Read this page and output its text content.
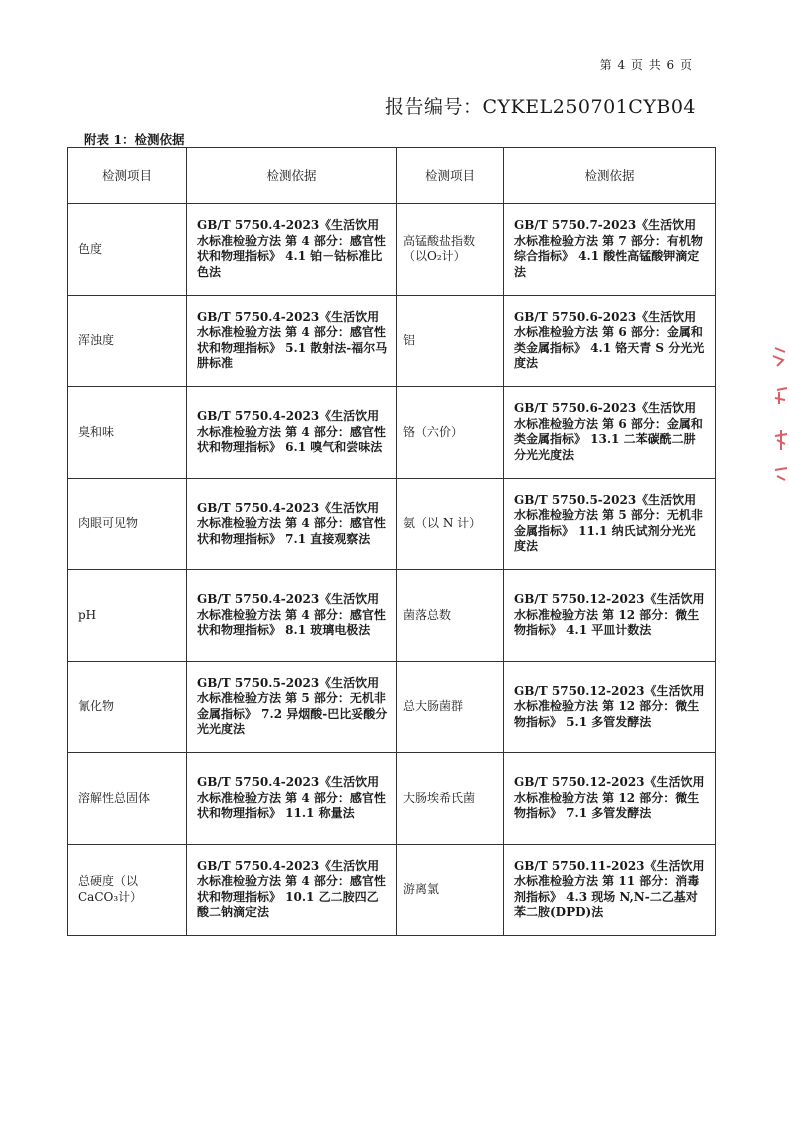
第 4 页 共 6 页
报告编号：CYKEL250701CYB04
附表 1：检测依据
检测项目	检测依据	检测项目	检测依据
色度	GB/T 5750.4-2023《生活饮用水标准检验方法 第 4 部分：感官性状和物理指标》 4.1 铂－钴标准比色法	高锰酸盐指数（以O₂计）	GB/T 5750.7-2023《生活饮用水标准检验方法 第 7 部分：有机物综合指标》 4.1 酸性高锰酸钾滴定法
浑浊度	GB/T 5750.4-2023《生活饮用水标准检验方法 第 4 部分：感官性状和物理指标》 5.1 散射法-福尔马肼标准	铝	GB/T 5750.6-2023《生活饮用水标准检验方法 第 6 部分：金属和类金属指标》 4.1 铬天青 S 分光光度法
臭和味	GB/T 5750.4-2023《生活饮用水标准检验方法 第 4 部分：感官性状和物理指标》 6.1 嗅气和尝味法	铬（六价）	GB/T 5750.6-2023《生活饮用水标准检验方法 第 6 部分：金属和类金属指标》 13.1 二苯碳酰二肼分光光度法
肉眼可见物	GB/T 5750.4-2023《生活饮用水标准检验方法 第 4 部分：感官性状和物理指标》 7.1 直接观察法	氨（以 N 计）	GB/T 5750.5-2023《生活饮用水标准检验方法 第 5 部分：无机非金属指标》 11.1 纳氏试剂分光光度法
pH	GB/T 5750.4-2023《生活饮用水标准检验方法 第 4 部分：感官性状和物理指标》 8.1 玻璃电极法	菌落总数	GB/T 5750.12-2023《生活饮用水标准检验方法 第 12 部分：微生物指标》 4.1 平皿计数法
氰化物	GB/T 5750.5-2023《生活饮用水标准检验方法 第 5 部分：无机非金属指标》 7.2 异烟酸-巴比妥酸分光光度法	总大肠菌群	GB/T 5750.12-2023《生活饮用水标准检验方法 第 12 部分：微生物指标》 5.1 多管发酵法
溶解性总固体	GB/T 5750.4-2023《生活饮用水标准检验方法 第 4 部分：感官性状和物理指标》 11.1 称量法	大肠埃希氏菌	GB/T 5750.12-2023《生活饮用水标准检验方法 第 12 部分：微生物指标》 7.1 多管发酵法
总硬度（以 CaCO₃计）	GB/T 5750.4-2023《生活饮用水标准检验方法 第 4 部分：感官性状和物理指标》 10.1 乙二胺四乙酸二钠滴定法	游离氯	GB/T 5750.11-2023《生活饮用水标准检验方法 第 11 部分：消毒剂指标》 4.3 现场 N,N-二乙基对苯二胺(DPD)法
